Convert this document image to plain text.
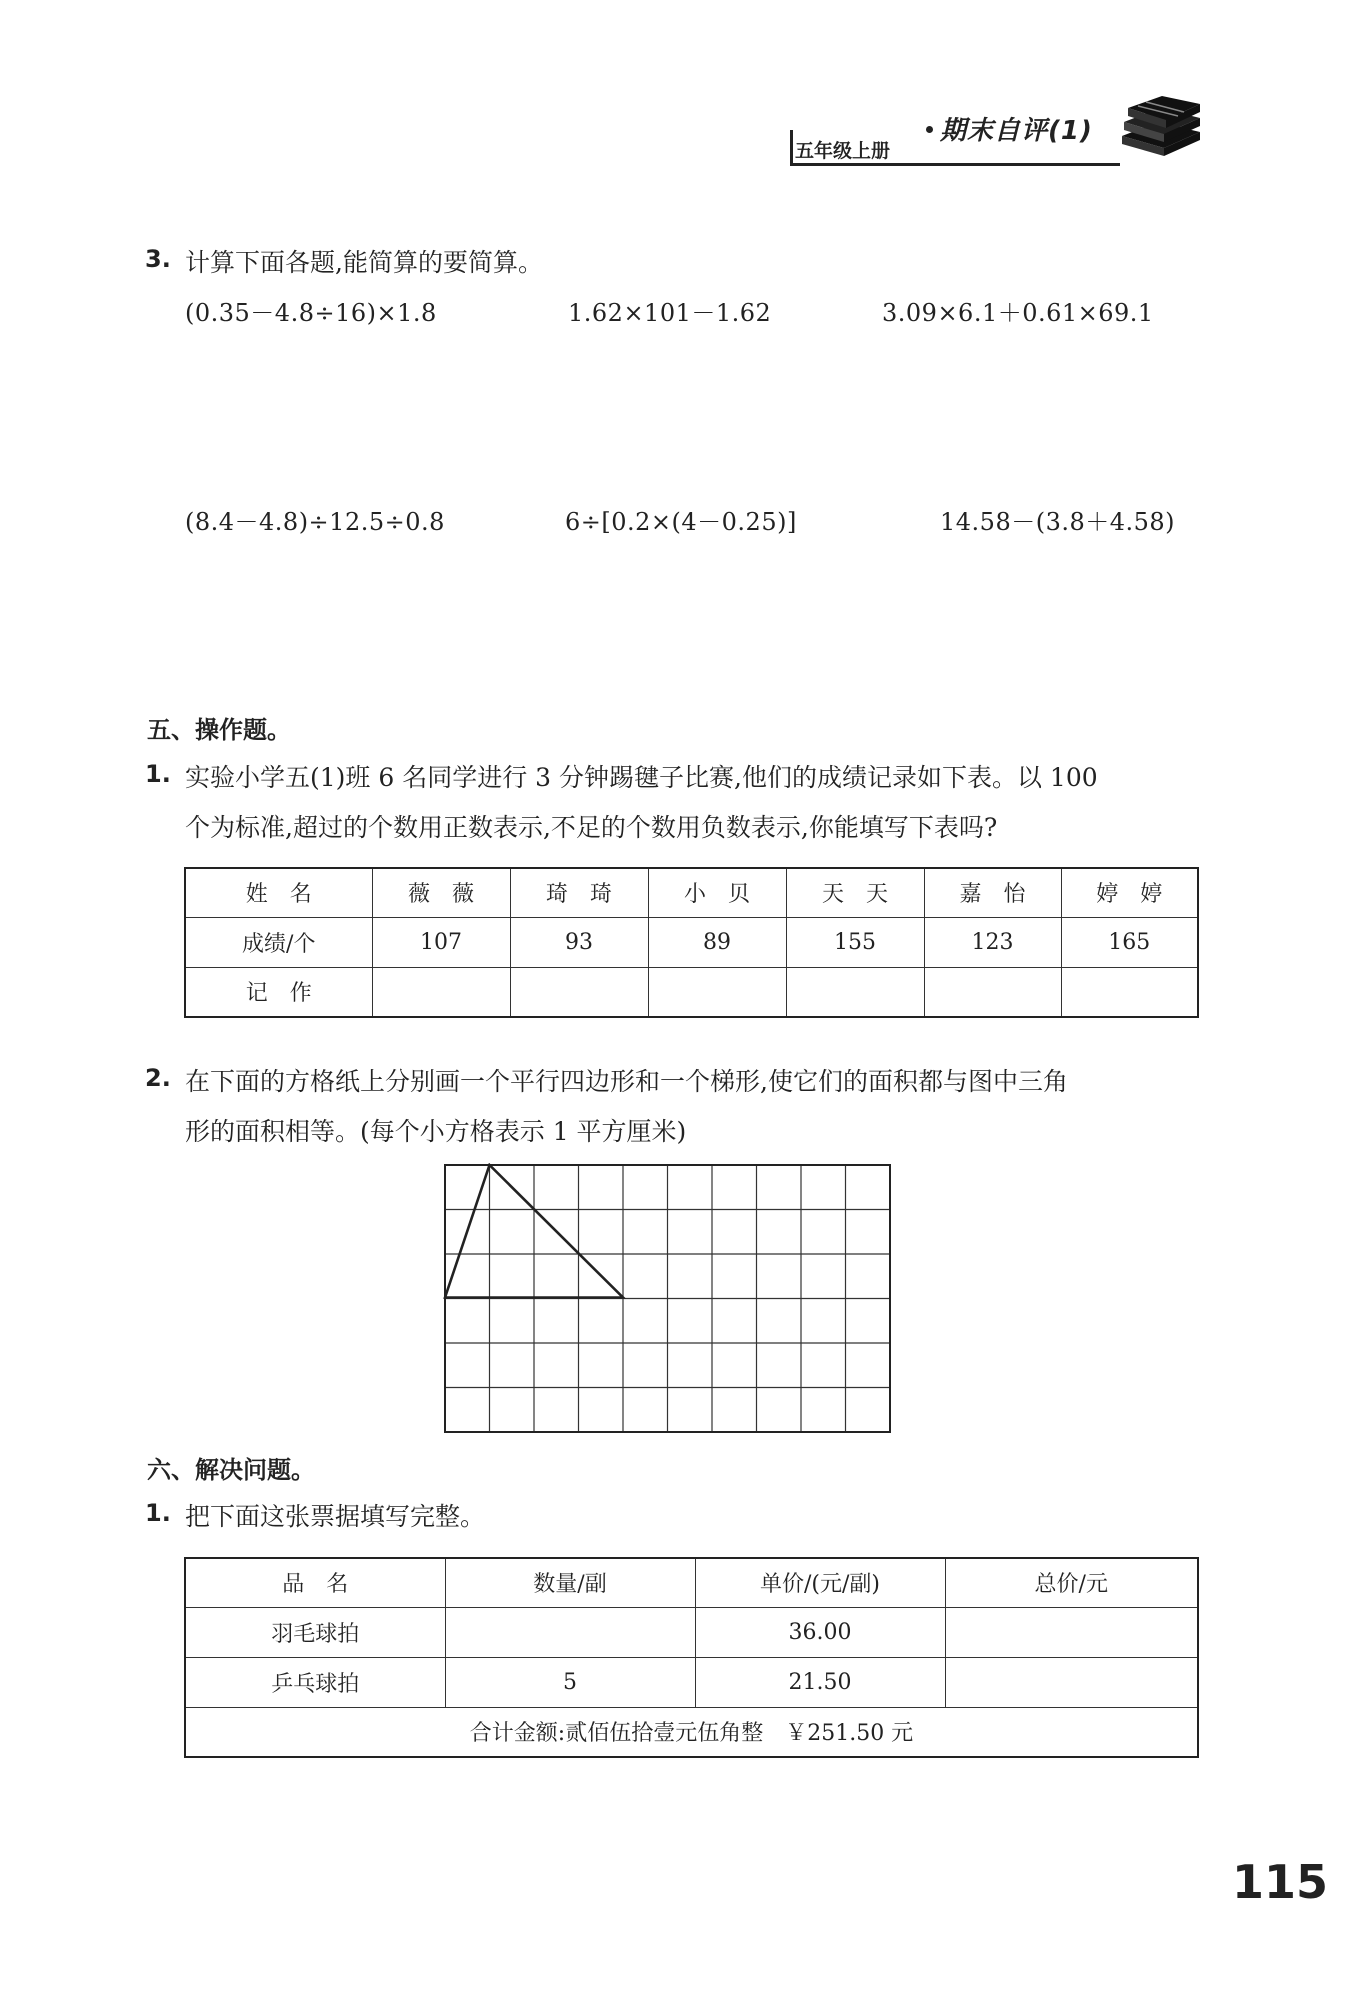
五年级上册
期末自评(1)
3. 计算下面各题,能简算的要简算。
(0.35－4.8÷16)×1.8	1.62×101－1.62	3.09×6.1＋0.61×69.1
(8.4－4.8)÷12.5÷0.8	6÷[0.2×(4－0.25)]	14.58－(3.8＋4.58)
五、操作题。
1. 实验小学五(1)班 6 名同学进行 3 分钟踢毽子比赛,他们的成绩记录如下表。以 100
个为标准,超过的个数用正数表示,不足的个数用负数表示,你能填写下表吗?
姓　名	薇　薇	琦　琦	小　贝	天　天	嘉　怡	婷　婷
成绩/个	107	93	89	155	123	165
记　作						
2. 在下面的方格纸上分别画一个平行四边形和一个梯形,使它们的面积都与图中三角
形的面积相等。(每个小方格表示 1 平方厘米)
六、解决问题。
1. 把下面这张票据填写完整。
品　名	数量/副	单价/(元/副)	总价/元
羽毛球拍		36.00	
乒乓球拍	5	21.50	
合计金额:贰佰伍拾壹元伍角整　￥251.50 元			
115
